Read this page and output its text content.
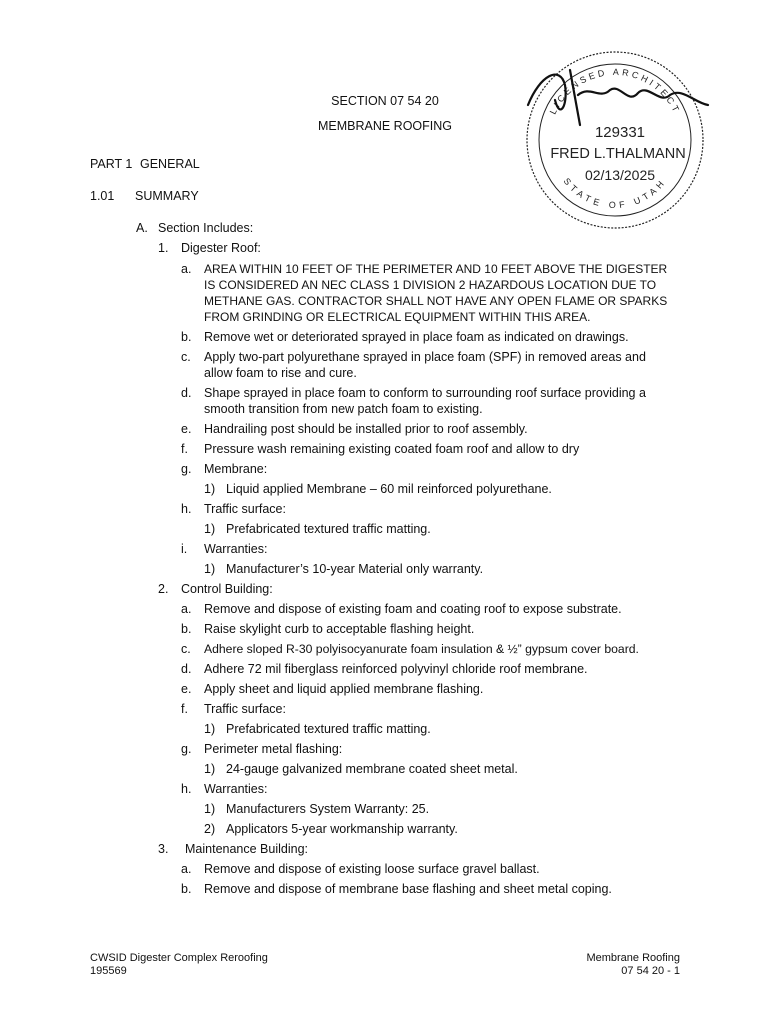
SECTION 07 54 20
MEMBRANE ROOFING
LICENSED ARCHITECT
STATE OF UTAH
129331
FRED L.THALMANN
02/13/2025
PART 1 GENERAL
1.01 SUMMARY
A. Section Includes:
1. Digester Roof:
a. AREA WITHIN 10 FEET OF THE PERIMETER AND 10 FEET ABOVE THE DIGESTER
IS CONSIDERED AN NEC CLASS 1 DIVISION 2 HAZARDOUS LOCATION DUE TO
METHANE GAS. CONTRACTOR SHALL NOT HAVE ANY OPEN FLAME OR SPARKS
FROM GRINDING OR ELECTRICAL EQUIPMENT WITHIN THIS AREA.
b. Remove wet or deteriorated sprayed in place foam as indicated on drawings.
c. Apply two-part polyurethane sprayed in place foam (SPF) in removed areas and
allow foam to rise and cure.
d. Shape sprayed in place foam to conform to surrounding roof surface providing a
smooth transition from new patch foam to existing.
e. Handrailing post should be installed prior to roof assembly.
f. Pressure wash remaining existing coated foam roof and allow to dry
g. Membrane:
1) Liquid applied Membrane – 60 mil reinforced polyurethane.
h. Traffic surface:
1) Prefabricated textured traffic matting.
i. Warranties:
1) Manufacturer’s 10-year Material only warranty.
2. Control Building:
a. Remove and dispose of existing foam and coating roof to expose substrate.
b. Raise skylight curb to acceptable flashing height.
c. Adhere sloped R-30 polyisocyanurate foam insulation & ½” gypsum cover board.
d. Adhere 72 mil fiberglass reinforced polyvinyl chloride roof membrane.
e. Apply sheet and liquid applied membrane flashing.
f. Traffic surface:
1) Prefabricated textured traffic matting.
g. Perimeter metal flashing:
1) 24-gauge galvanized membrane coated sheet metal.
h. Warranties:
1) Manufacturers System Warranty: 25.
2) Applicators 5-year workmanship warranty.
3. Maintenance Building:
a. Remove and dispose of existing loose surface gravel ballast.
b. Remove and dispose of membrane base flashing and sheet metal coping.
CWSID Digester Complex Reroofing
195569
Membrane Roofing
07 54 20 - 1
